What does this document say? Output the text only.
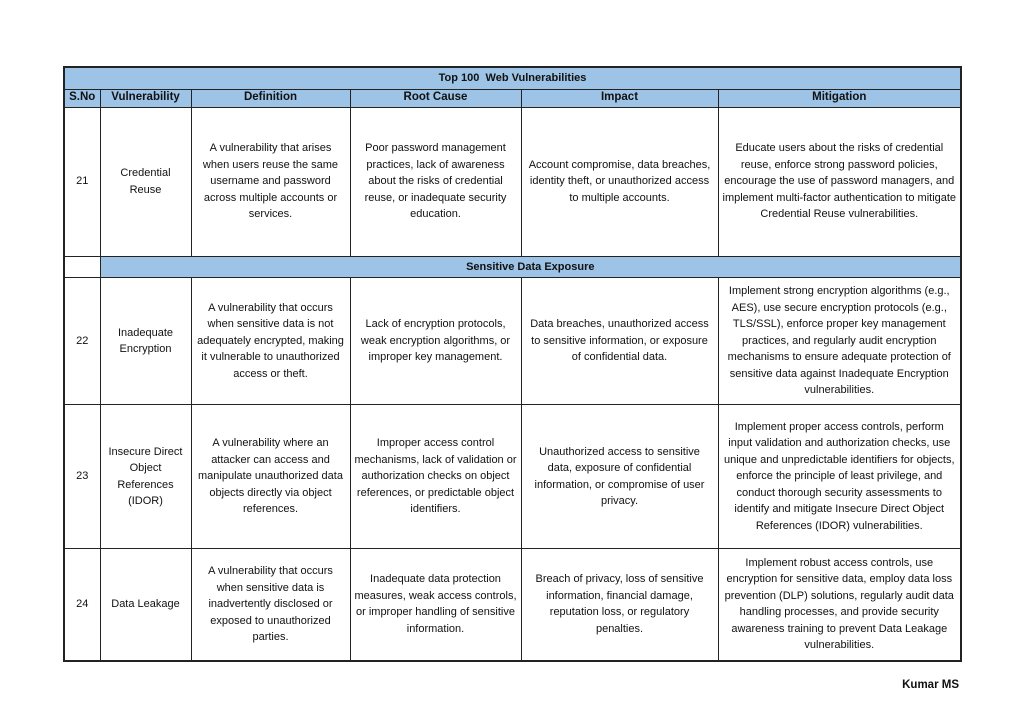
Top 100  Web Vulnerabilities					
S.No	Vulnerability	Definition	Root Cause	Impact	Mitigation
21	Credential Reuse	A vulnerability that arises when users reuse the same username and password across multiple accounts or services.	Poor password management practices, lack of awareness about the risks of credential reuse, or inadequate security education.	Account compromise, data breaches, identity theft, or unauthorized access to multiple accounts.	Educate users about the risks of credential reuse, enforce strong password policies, encourage the use of password managers, and implement multi-factor authentication to mitigate Credential Reuse vulnerabilities.
	Sensitive Data Exposure				
22	Inadequate Encryption	A vulnerability that occurs when sensitive data is not adequately encrypted, making it vulnerable to unauthorized access or theft.	Lack of encryption protocols, weak encryption algorithms, or improper key management.	Data breaches, unauthorized access to sensitive information, or exposure of confidential data.	Implement strong encryption algorithms (e.g., AES), use secure encryption protocols (e.g., TLS/SSL), enforce proper key management practices, and regularly audit encryption mechanisms to ensure adequate protection of sensitive data against Inadequate Encryption vulnerabilities.
23	Insecure Direct Object References (IDOR)	A vulnerability where an attacker can access and manipulate unauthorized data objects directly via object references.	Improper access control mechanisms, lack of validation or authorization checks on object references, or predictable object identifiers.	Unauthorized access to sensitive data, exposure of confidential information, or compromise of user privacy.	Implement proper access controls, perform input validation and authorization checks, use unique and unpredictable identifiers for objects, enforce the principle of least privilege, and conduct thorough security assessments to identify and mitigate Insecure Direct Object References (IDOR) vulnerabilities.
24	Data Leakage	A vulnerability that occurs when sensitive data is inadvertently disclosed or exposed to unauthorized parties.	Inadequate data protection measures, weak access controls, or improper handling of sensitive information.	Breach of privacy, loss of sensitive information, financial damage, reputation loss, or regulatory penalties.	Implement robust access controls, use encryption for sensitive data, employ data loss prevention (DLP) solutions, regularly audit data handling processes, and provide security awareness training to prevent Data Leakage vulnerabilities.
Kumar MS
